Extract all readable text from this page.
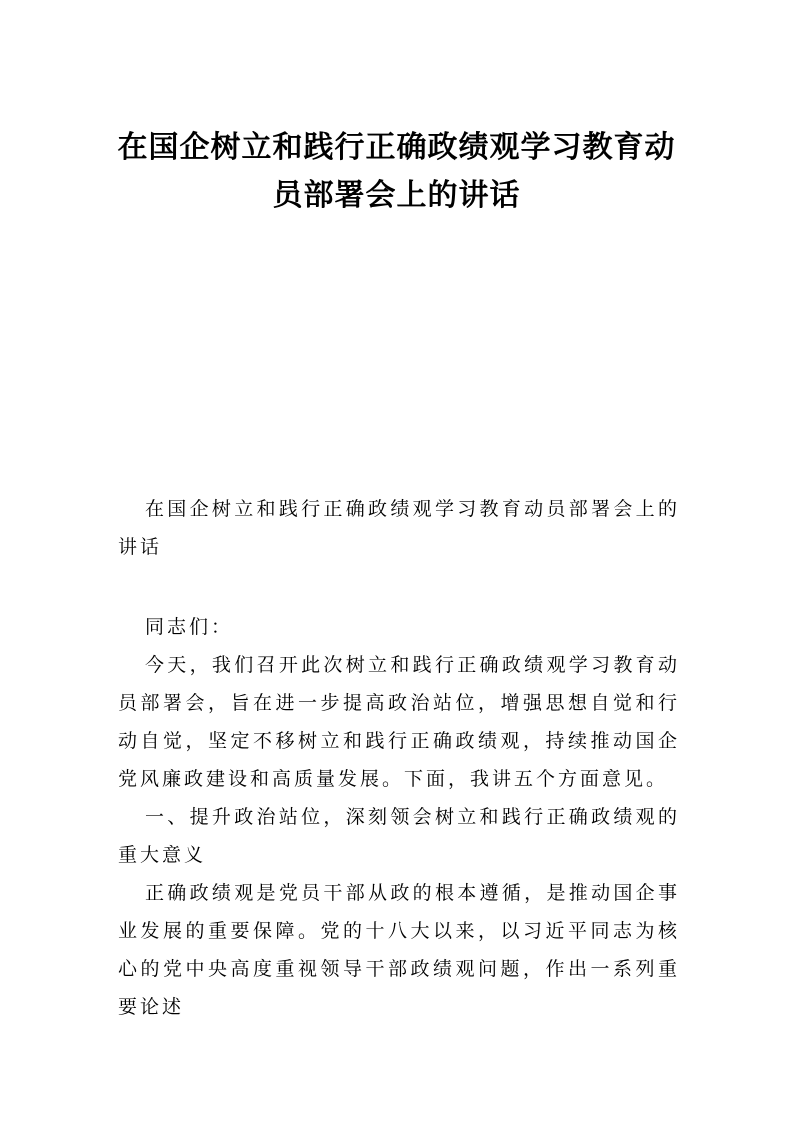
在国企树立和践行正确政绩观学习教育动
员部署会上的讲话

在国企树立和践行正确政绩观学习教育动员部署会上的讲话

同志们：

今天，我们召开此次树立和践行正确政绩观学习教育动员部署会，旨在进一步提高政治站位，增强思想自觉和行动自觉，坚定不移树立和践行正确政绩观，持续推动国企党风廉政建设和高质量发展。下面，我讲五个方面意见。

一、提升政治站位，深刻领会树立和践行正确政绩观的重大意义

正确政绩观是党员干部从政的根本遵循，是推动国企事业发展的重要保障。党的十八大以来，以习近平同志为核心的党中央高度重视领导干部政绩观问题，作出一系列重要论述
